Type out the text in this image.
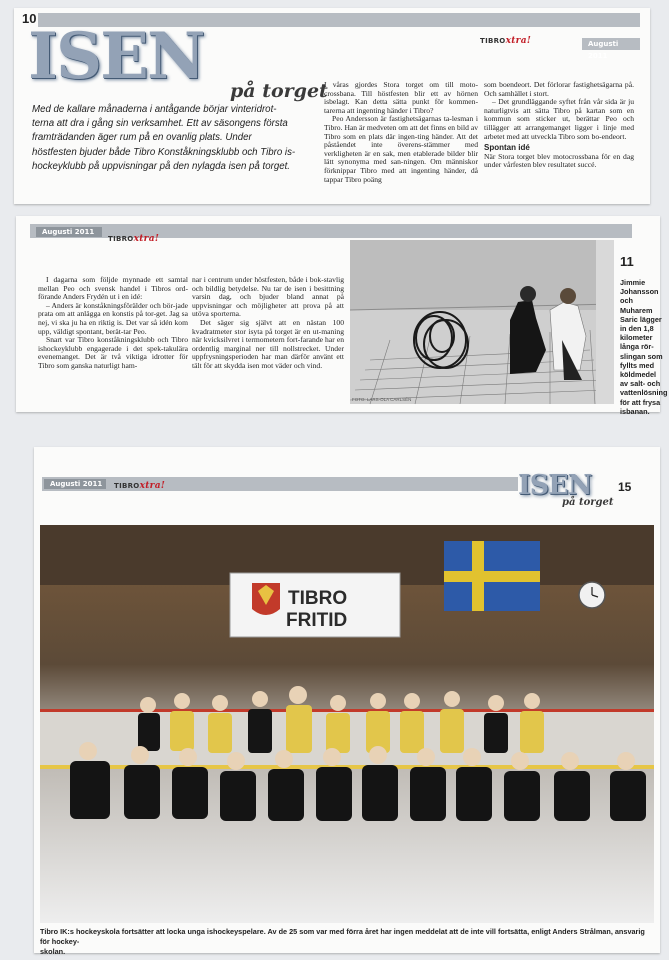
10
TIBROxtra!	Augusti 2011
ISEN på torget
Med de kallare månaderna i antågande börjar vinteridrot-
terna att dra i gång sin verksamhet. Ett av säsongens första
framträdanden äger rum på en ovanlig plats. Under
höstfesten bjuder både Tibro Konståkningsklubb och Tibro is-
hockeyklubb på uppvisningar på den nylagda isen på torget.

I våras gjordes Stora torget om till moto-crossbana. Till höstfesten blir ett av hörnen isbelagt. Kan detta sätta punkt för kommen-tarerna att ingenting händer i Tibro?

Peo Andersson är fastighetsägarnas ta-lesman i Tibro. Han är medveten om att det finns en bild av Tibro som en plats där ingen-ting händer. Att det påståendet inte överens-stämmer med verkligheten är en sak, men etablerade bilder blir lätt synonyma med san-ningen. Om människor förknippar Tibro med att ingenting händer, då tappar Tibro poäng

som boendeort. Det förlorar fastighetsägarna på. Och samhället i stort.

– Det grundläggande syftet från vår sida är ju naturligtvis att sätta Tibro på kartan som en kommun som sticker ut, berättar Peo och tillägger att arrangemanget ligger i linje med arbetet med att utveckla Tibro som bo-endeort.

Spontan idé

När Stora torget blev motocrossbana för en dag under vårfesten blev resultatet succé.

Augusti 2011
TIBROxtra!
11

I dagarna som följde mynnade ett samtal mellan Peo och svensk handel i Tibros ord-förande Anders Frydén ut i en idé:

– Anders är konståkningsförälder och bör-jade prata om att anlägga en konstis på tor-get. Jag sa nej, vi ska ju ha en riktig is. Det var så idén kom upp, väldigt spontant, berät-tar Peo.

Snart var Tibro konståkningsklubb och Tibro ishockeyklubb engagerade i det spek-takulära evenemanget. Det är två viktiga idrotter för Tibro som ganska naturligt ham-

nar i centrum under höstfesten, både i bok-stavlig och bildlig betydelse. Nu tar de isen i besittning varsin dag, och bjuder bland annat på uppvisningar och möjligheter att prova på att utöva sporterna.

Det säger sig självt att en nästan 100 kvadratmeter stor isyta på torget är en ut-maning när kvicksilvret i termometern fort-farande har en ordentlig marginal ner till nollstrecket. Under uppfrysningsperioden har man därför använt ett tält för att skydda isen mot väder och vind.

FOTO: LARS-OLA CARLSÉN
Jimmie
Johansson
och Muharem
Saric lägger
in den 1,8
kilometer
långa rör-
slingan som
fyllts med
köldmedel
av salt- och
vattenlösning
för att frysa
isbanan.
Augusti 2011	TIBROxtra!	ISEN
på torget
15
TIBRO
FRITID
Tibro IK:s hockeyskola fortsätter att locka unga ishockeyspelare. Av de 25 som var med förra året har ingen meddelat att de inte vill fortsätta, enligt Anders Strålman, ansvarig för hockey-
skolan.
